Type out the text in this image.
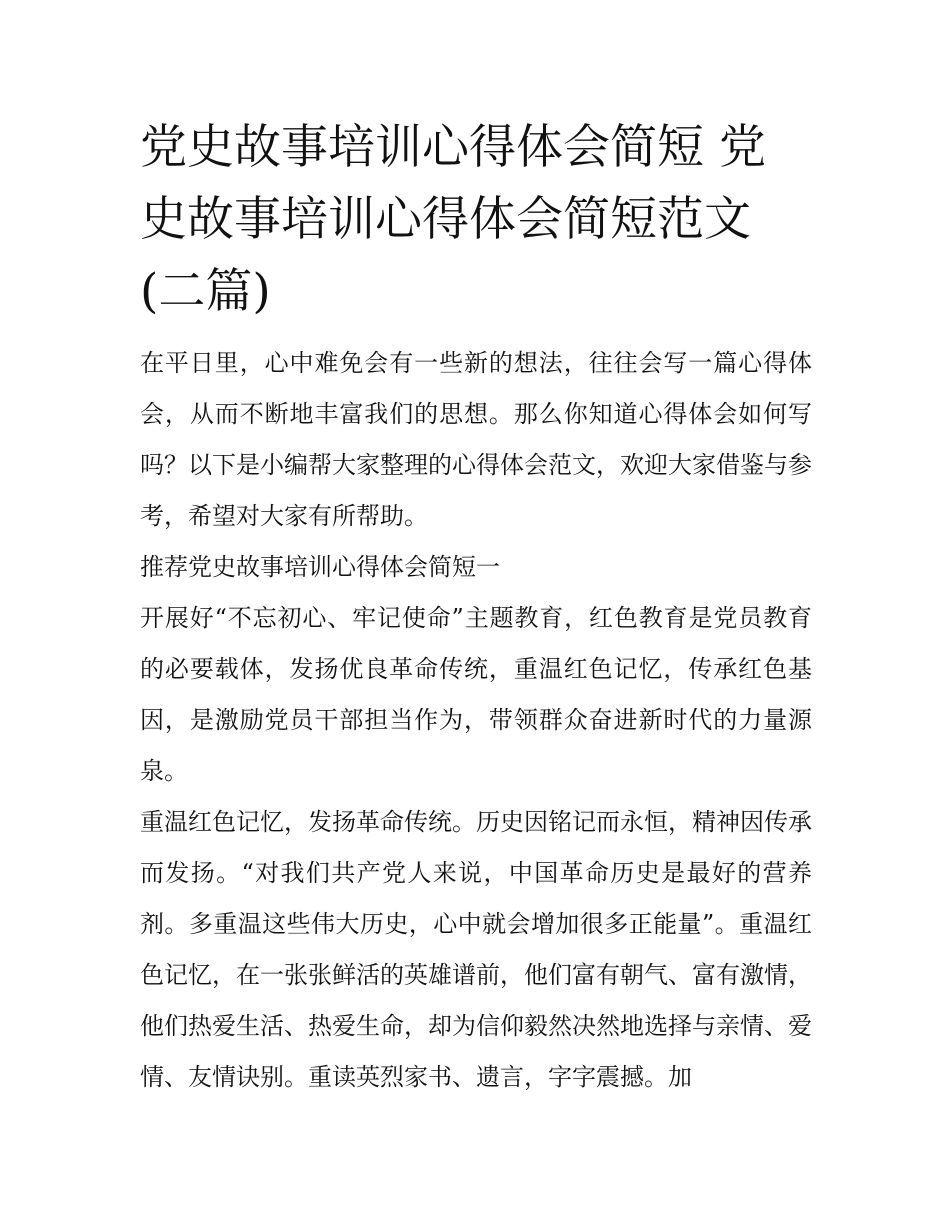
党史故事培训心得体会简短 党史故事培训心得体会简短范文(二篇)

在平日里，心中难免会有一些新的想法，往往会写一篇心得体会，从而不断地丰富我们的思想。那么你知道心得体会如何写吗？以下是小编帮大家整理的心得体会范文，欢迎大家借鉴与参考，希望对大家有所帮助。

推荐党史故事培训心得体会简短一

开展好“不忘初心、牢记使命”主题教育，红色教育是党员教育的必要载体，发扬优良革命传统，重温红色记忆，传承红色基因，是激励党员干部担当作为，带领群众奋进新时代的力量源泉。

重温红色记忆，发扬革命传统。历史因铭记而永恒，精神因传承而发扬。“对我们共产党人来说，中国革命历史是最好的营养剂。多重温这些伟大历史，心中就会增加很多正能量”。重温红色记忆，在一张张鲜活的英雄谱前，他们富有朝气、富有激情，他们热爱生活、热爱生命，却为信仰毅然决然地选择与亲情、爱情、友情诀别。重读英烈家书、遗言，字字震撼。加
